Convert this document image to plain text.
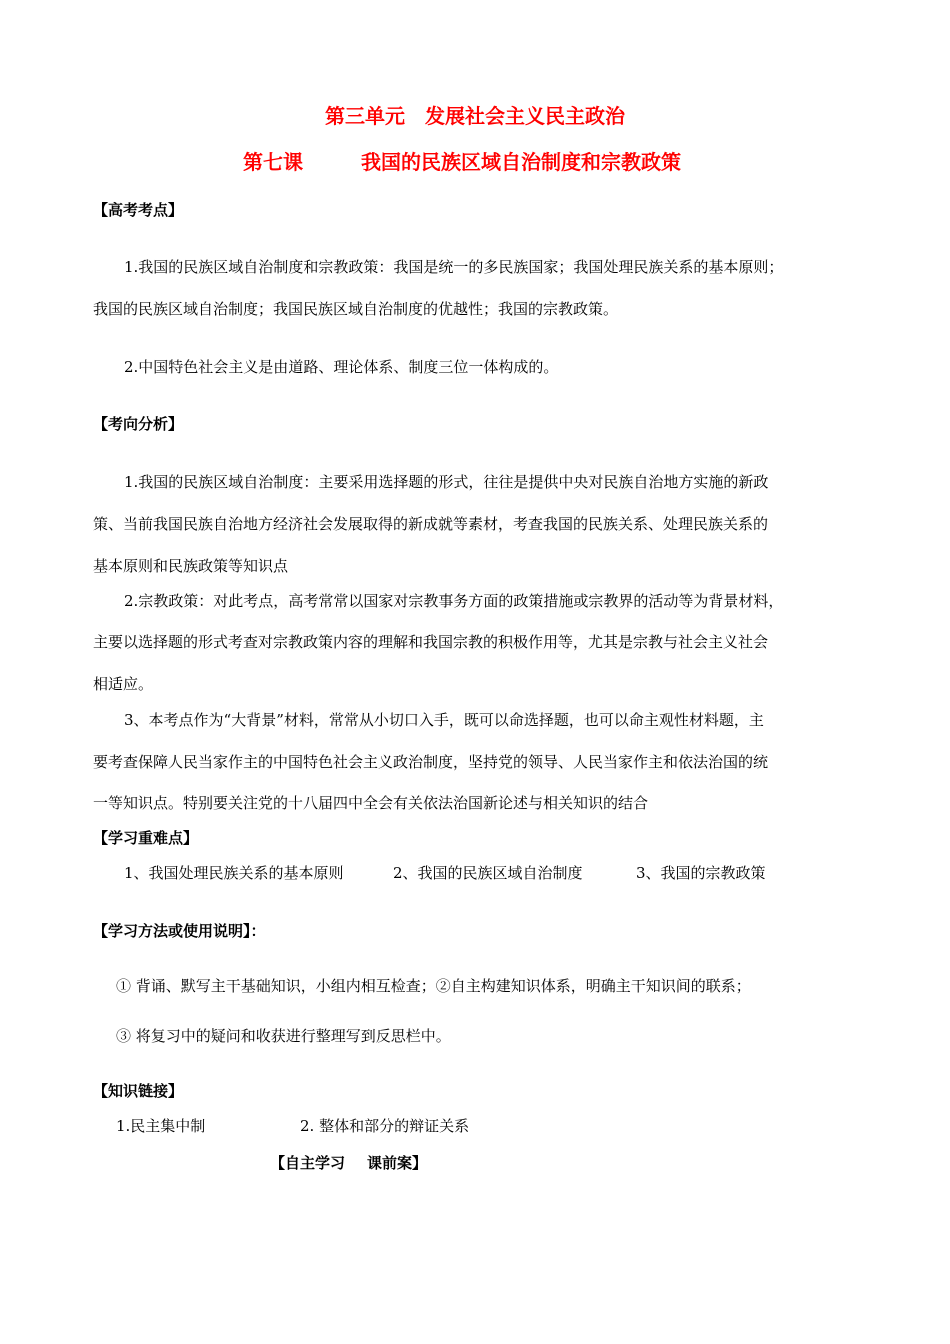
第三单元 发展社会主义民主政治
第七课	我国的民族区域自治制度和宗教政策
【高考考点】
1.我国的民族区域自治制度和宗教政策：我国是统一的多民族国家；我国处理民族关系的基本原则；
我国的民族区域自治制度；我国民族区域自治制度的优越性；我国的宗教政策。
2.中国特色社会主义是由道路、理论体系、制度三位一体构成的。
【考向分析】
1.我国的民族区域自治制度：主要采用选择题的形式，往往是提供中央对民族自治地方实施的新政
策、当前我国民族自治地方经济社会发展取得的新成就等素材，考查我国的民族关系、处理民族关系的
基本原则和民族政策等知识点
2.宗教政策：对此考点，高考常常以国家对宗教事务方面的政策措施或宗教界的活动等为背景材料，
主要以选择题的形式考查对宗教政策内容的理解和我国宗教的积极作用等，尤其是宗教与社会主义社会
相适应。
3、本考点作为“大背景”材料，常常从小切口入手，既可以命选择题，也可以命主观性材料题，主
要考查保障人民当家作主的中国特色社会主义政治制度，坚持党的领导、人民当家作主和依法治国的统
一等知识点。特别要关注党的十八届四中全会有关依法治国新论述与相关知识的结合
【学习重难点】
1、我国处理民族关系的基本原则	2、我国的民族区域自治制度	3、我国的宗教政策
【学习方法或使用说明】：
① 背诵、默写主干基础知识，小组内相互检查；②自主构建知识体系，明确主干知识间的联系；
③ 将复习中的疑问和收获进行整理写到反思栏中。
【知识链接】
1.民主集中制	2. 整体和部分的辩证关系
【自主学习 课前案】
